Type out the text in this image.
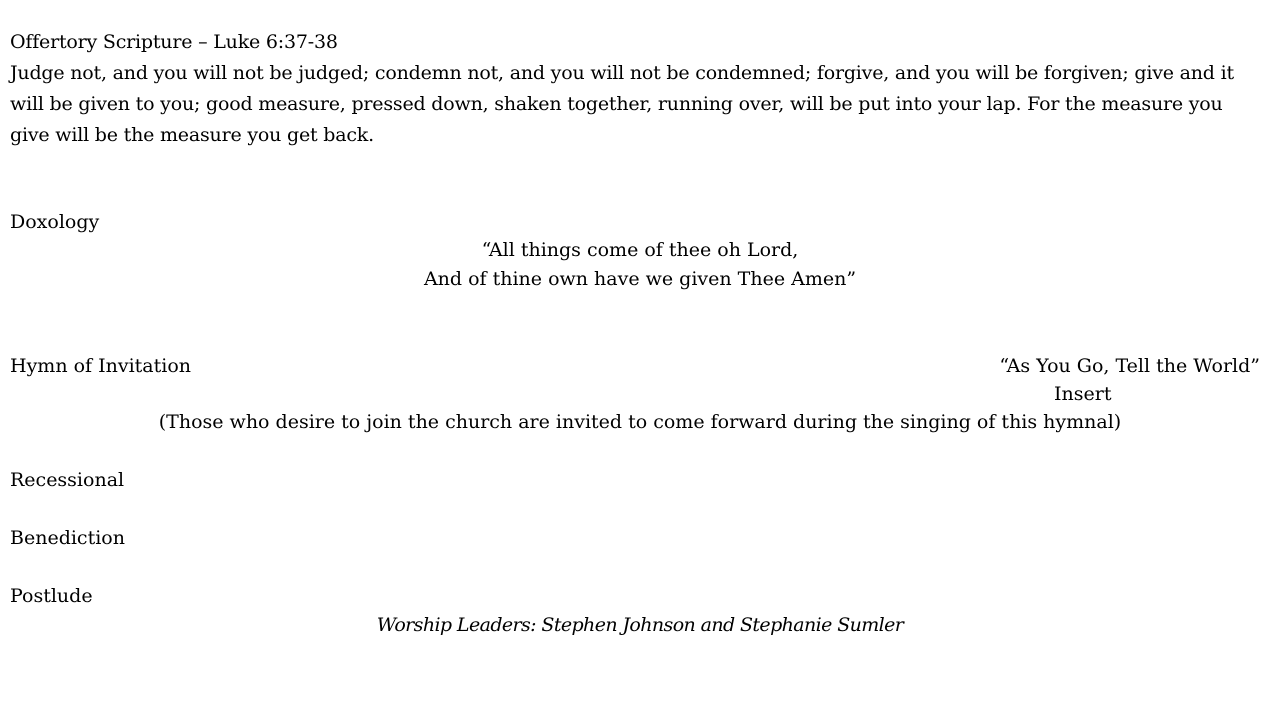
Offertory Scripture – Luke 6:37-38
Judge not, and you will not be judged; condemn not, and you will not be condemned; forgive, and you will be forgiven; give and it will be given to you; good measure, pressed down, shaken together, running over, will be put into your lap. For the measure you give will be the measure you get back.
Doxology
“All things come of thee oh Lord,
And of thine own have we given Thee Amen”
Hymn of Invitation	“As You Go, Tell the World”
Insert
(Those who desire to join the church are invited to come forward during the singing of this hymnal)
Recessional
Benediction
Postlude
Worship Leaders: Stephen Johnson and Stephanie Sumler
